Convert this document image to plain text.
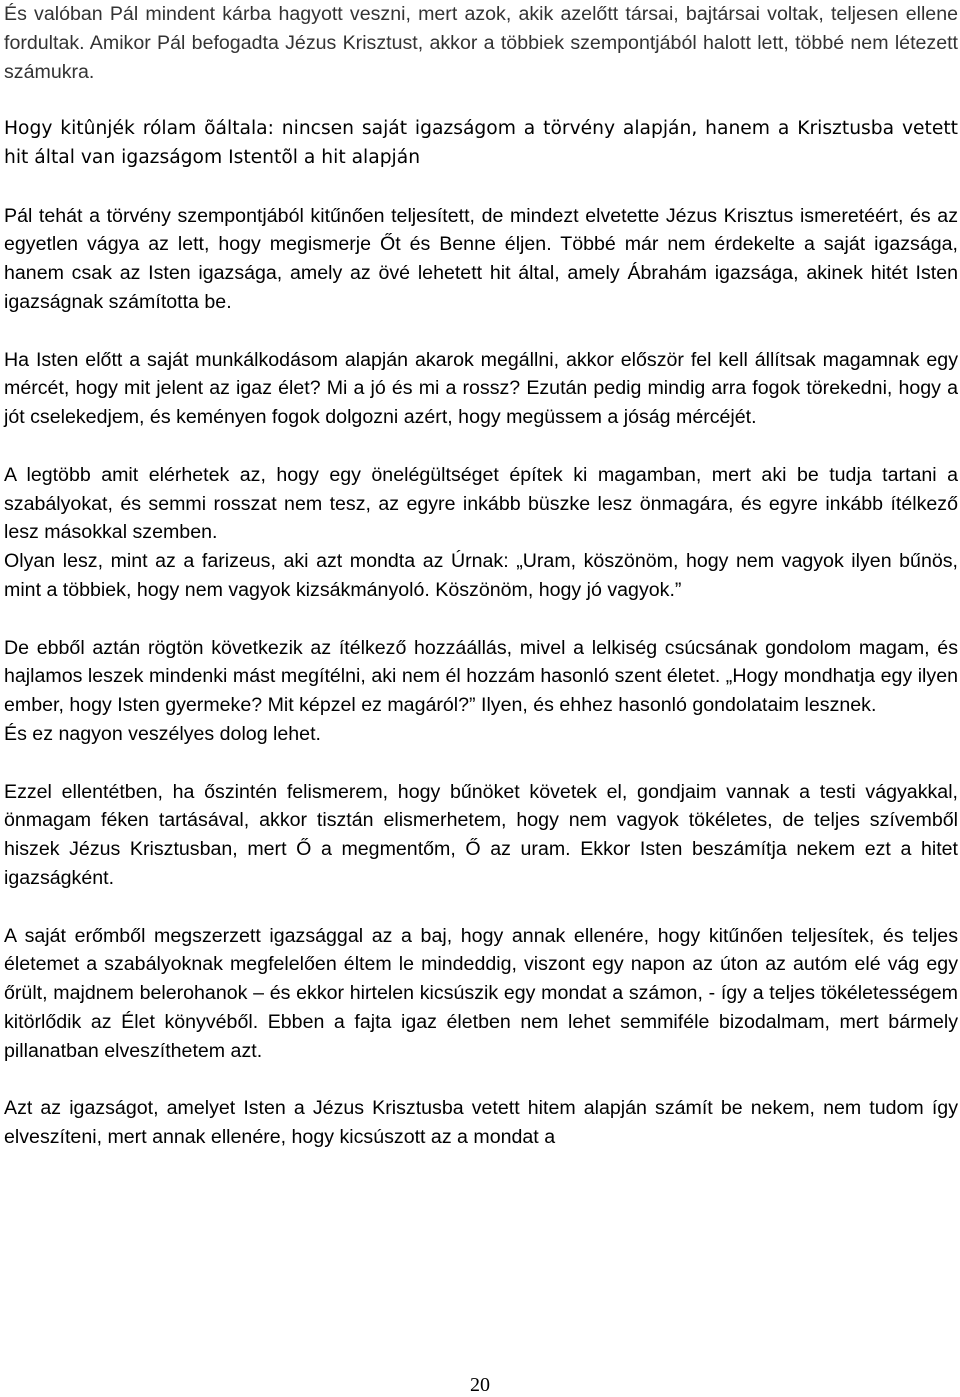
És valóban Pál mindent kárba hagyott veszni, mert azok, akik azelőtt társai, bajtársai voltak, teljesen ellene fordultak. Amikor Pál befogadta Jézus Krisztust, akkor a többiek szempontjából halott lett, többé nem létezett számukra.

Hogy kitûnjék rólam õáltala: nincsen saját igazságom a törvény alapján, hanem a Krisztusba vetett hit által van igazságom Istentõl a hit alapján

Pál tehát a törvény szempontjából kitűnően teljesített, de mindezt elvetette Jézus Krisztus ismeretéért, és az egyetlen vágya az lett, hogy megismerje Őt és Benne éljen. Többé már nem érdekelte a saját igazsága, hanem csak az Isten igazsága, amely az övé lehetett hit által, amely Ábrahám igazsága, akinek hitét Isten igazságnak számította be.

Ha Isten előtt a saját munkálkodásom alapján akarok megállni, akkor először fel kell állítsak magamnak egy mércét, hogy mit jelent az igaz élet? Mi a jó és mi a rossz? Ezután pedig mindig arra fogok törekedni, hogy a jót cselekedjem, és keményen fogok dolgozni azért, hogy megüssem a jóság mércéjét.

A legtöbb amit elérhetek az, hogy egy önelégültséget építek ki magamban, mert aki be tudja tartani a szabályokat, és semmi rosszat nem tesz, az egyre inkább büszke lesz önmagára, és egyre inkább ítélkező lesz másokkal szemben.

Olyan lesz, mint az a farizeus, aki azt mondta az Úrnak: „Uram, köszönöm, hogy nem vagyok ilyen bűnös, mint a többiek, hogy nem vagyok kizsákmányoló. Köszönöm, hogy jó vagyok.”

De ebből aztán rögtön következik az ítélkező hozzáállás, mivel a lelkiség csúcsának gondolom magam, és hajlamos leszek mindenki mást megítélni, aki nem él hozzám hasonló szent életet. „Hogy mondhatja egy ilyen ember, hogy Isten gyermeke? Mit képzel ez magáról?” Ilyen, és ehhez hasonló gondolataim lesznek.

És ez nagyon veszélyes dolog lehet.

Ezzel ellentétben, ha őszintén felismerem, hogy bűnöket követek el, gondjaim vannak a testi vágyakkal, önmagam féken tartásával, akkor tisztán elismerhetem, hogy nem vagyok tökéletes, de teljes szívemből hiszek Jézus Krisztusban, mert Ő a megmentőm, Ő az uram. Ekkor Isten beszámítja nekem ezt a hitet igazságként.

A saját erőmből megszerzett igazsággal az a baj, hogy annak ellenére, hogy kitűnően teljesítek, és teljes életemet a szabályoknak megfelelően éltem le mindeddig, viszont egy napon az úton az autóm elé vág egy őrült, majdnem belerohanok – és ekkor hirtelen kicsúszik egy mondat a számon, - így a teljes tökéletességem kitörlődik az Élet könyvéből. Ebben a fajta igaz életben nem lehet semmiféle bizodalmam, mert bármely pillanatban elveszíthetem azt.

Azt az igazságot, amelyet Isten a Jézus Krisztusba vetett hitem alapján számít be nekem, nem tudom így elveszíteni, mert annak ellenére, hogy kicsúszott az a mondat a

20
